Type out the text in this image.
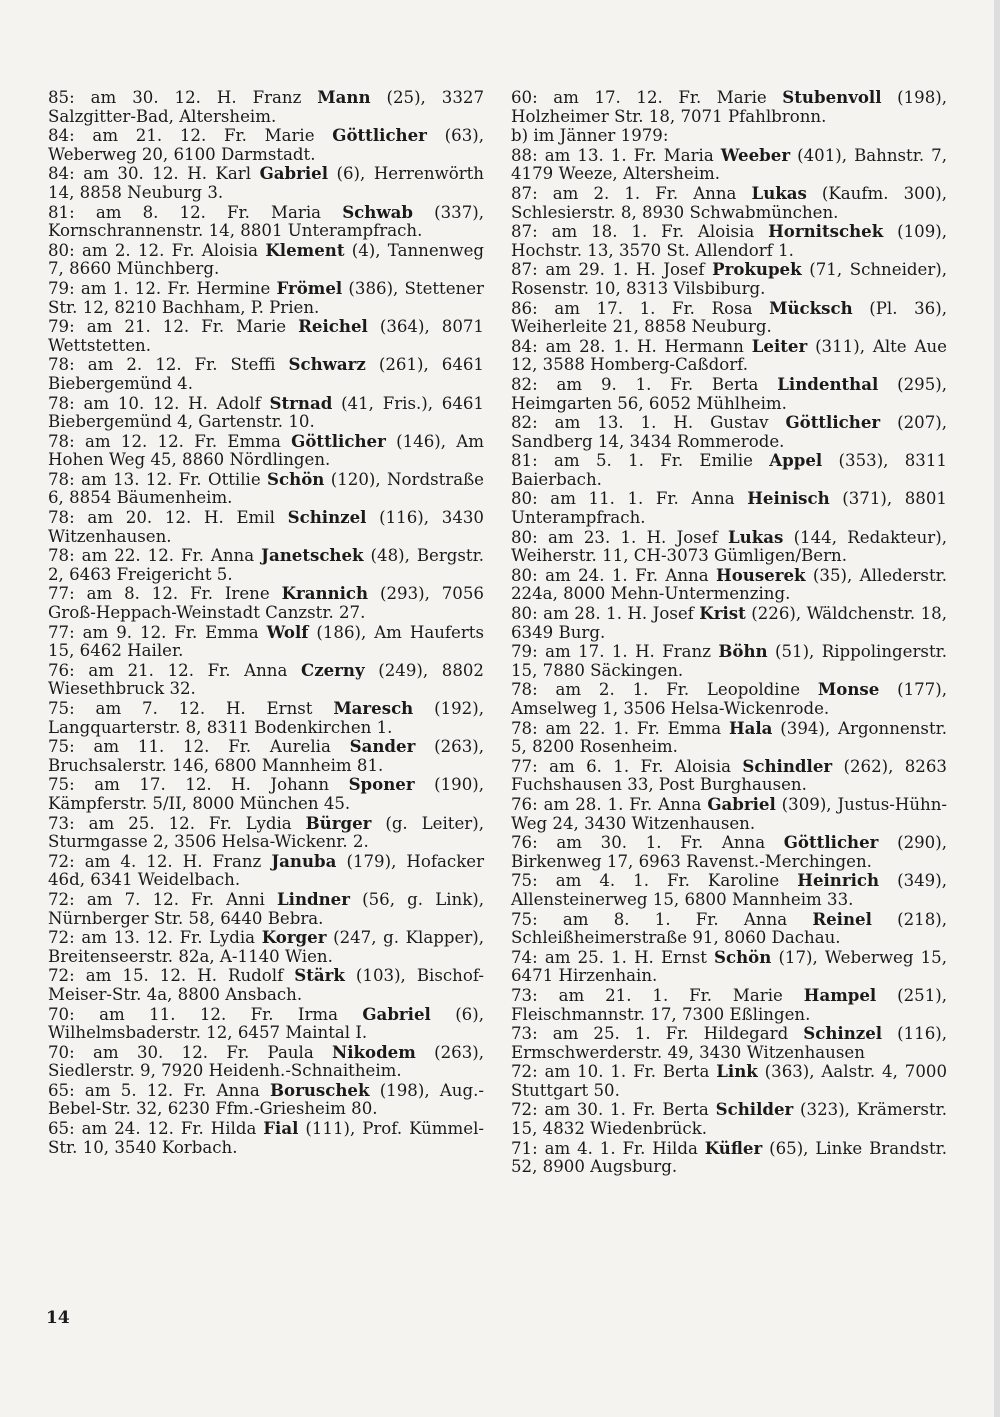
85: am 30. 12. H. Franz Mann (25), 3327 Salzgitter-Bad, Altersheim.

84: am 21. 12. Fr. Marie Göttlicher (63), Weberweg 20, 6100 Darmstadt.

84: am 30. 12. H. Karl Gabriel (6), Herrenwörth 14, 8858 Neuburg 3.

81: am 8. 12. Fr. Maria Schwab (337), Kornschrannenstr. 14, 8801 Unterampfrach.

80: am 2. 12. Fr. Aloisia Klement (4), Tannenweg 7, 8660 Münchberg.

79: am 1. 12. Fr. Hermine Frömel (386), Stettener Str. 12, 8210 Bachham, P. Prien.

79: am 21. 12. Fr. Marie Reichel (364), 8071 Wettstetten.

78: am 2. 12. Fr. Steffi Schwarz (261), 6461 Biebergemünd 4.

78: am 10. 12. H. Adolf Strnad (41, Fris.), 6461 Biebergemünd 4, Gartenstr. 10.

78: am 12. 12. Fr. Emma Göttlicher (146), Am Hohen Weg 45, 8860 Nördlingen.

78: am 13. 12. Fr. Ottilie Schön (120), Nordstraße 6, 8854 Bäumenheim.

78: am 20. 12. H. Emil Schinzel (116), 3430 Witzenhausen.

78: am 22. 12. Fr. Anna Janetschek (48), Bergstr. 2, 6463 Freigericht 5.

77: am 8. 12. Fr. Irene Krannich (293), 7056 Groß-Heppach-Weinstadt Canzstr. 27.

77: am 9. 12. Fr. Emma Wolf (186), Am Hauferts 15, 6462 Hailer.

76: am 21. 12. Fr. Anna Czerny (249), 8802 Wiesethbruck 32.

75: am 7. 12. H. Ernst Maresch (192), Langquarterstr. 8, 8311 Bodenkirchen 1.

75: am 11. 12. Fr. Aurelia Sander (263), Bruchsalerstr. 146, 6800 Mannheim 81.

75: am 17. 12. H. Johann Sponer (190), Kämpferstr. 5/II, 8000 München 45.

73: am 25. 12. Fr. Lydia Bürger (g. Leiter), Sturmgasse 2, 3506 Helsa-Wickenr. 2.

72: am 4. 12. H. Franz Januba (179), Hofacker 46d, 6341 Weidelbach.

72: am 7. 12. Fr. Anni Lindner (56, g. Link), Nürnberger Str. 58, 6440 Bebra.

72: am 13. 12. Fr. Lydia Korger (247, g. Klapper), Breitenseerstr. 82a, A-1140 Wien.

72: am 15. 12. H. Rudolf Stärk (103), Bischof-Meiser-Str. 4a, 8800 Ansbach.

70: am 11. 12. Fr. Irma Gabriel (6), Wilhelmsbaderstr. 12, 6457 Maintal I.

70: am 30. 12. Fr. Paula Nikodem (263), Siedlerstr. 9, 7920 Heidenh.-Schnaitheim.

65: am 5. 12. Fr. Anna Boruschek (198), Aug.-Bebel-Str. 32, 6230 Ffm.-Griesheim 80.

65: am 24. 12. Fr. Hilda Fial (111), Prof. Kümmel-Str. 10, 3540 Korbach.

60: am 17. 12. Fr. Marie Stubenvoll (198), Holzheimer Str. 18, 7071 Pfahlbronn.

b) im Jänner 1979:

88: am 13. 1. Fr. Maria Weeber (401), Bahnstr. 7, 4179 Weeze, Altersheim.

87: am 2. 1. Fr. Anna Lukas (Kaufm. 300), Schlesierstr. 8, 8930 Schwabmünchen.

87: am 18. 1. Fr. Aloisia Hornitschek (109), Hochstr. 13, 3570 St. Allendorf 1.

87: am 29. 1. H. Josef Prokupek (71, Schneider), Rosenstr. 10, 8313 Vilsbiburg.

86: am 17. 1. Fr. Rosa Mücksch (Pl. 36), Weiherleite 21, 8858 Neuburg.

84: am 28. 1. H. Hermann Leiter (311), Alte Aue 12, 3588 Homberg-Caßdorf.

82: am 9. 1. Fr. Berta Lindenthal (295), Heimgarten 56, 6052 Mühlheim.

82: am 13. 1. H. Gustav Göttlicher (207), Sandberg 14, 3434 Rommerode.

81: am 5. 1. Fr. Emilie Appel (353), 8311 Baierbach.

80: am 11. 1. Fr. Anna Heinisch (371), 8801 Unterampfrach.

80: am 23. 1. H. Josef Lukas (144, Redakteur), Weiherstr. 11, CH-3073 Gümligen/Bern.

80: am 24. 1. Fr. Anna Houserek (35), Allederstr. 224a, 8000 Mehn-Untermenzing.

80: am 28. 1. H. Josef Krist (226), Wäldchenstr. 18, 6349 Burg.

79: am 17. 1. H. Franz Böhn (51), Rippolingerstr. 15, 7880 Säckingen.

78: am 2. 1. Fr. Leopoldine Monse (177), Amselweg 1, 3506 Helsa-Wickenrode.

78: am 22. 1. Fr. Emma Hala (394), Argonnenstr. 5, 8200 Rosenheim.

77: am 6. 1. Fr. Aloisia Schindler (262), 8263 Fuchshausen 33, Post Burghausen.

76: am 28. 1. Fr. Anna Gabriel (309), Justus-Hühn-Weg 24, 3430 Witzenhausen.

76: am 30. 1. Fr. Anna Göttlicher (290), Birkenweg 17, 6963 Ravenst.-Merchingen.

75: am 4. 1. Fr. Karoline Heinrich (349), Allensteinerweg 15, 6800 Mannheim 33.

75: am 8. 1. Fr. Anna Reinel (218), Schleißheimerstraße 91, 8060 Dachau.

74: am 25. 1. H. Ernst Schön (17), Weberweg 15, 6471 Hirzenhain.

73: am 21. 1. Fr. Marie Hampel (251), Fleischmannstr. 17, 7300 Eßlingen.

73: am 25. 1. Fr. Hildegard Schinzel (116), Ermschwerderstr. 49, 3430 Witzenhausen

72: am 10. 1. Fr. Berta Link (363), Aalstr. 4, 7000 Stuttgart 50.

72: am 30. 1. Fr. Berta Schilder (323), Krämerstr. 15, 4832 Wiedenbrück.

71: am 4. 1. Fr. Hilda Küfler (65), Linke Brandstr. 52, 8900 Augsburg.

14
